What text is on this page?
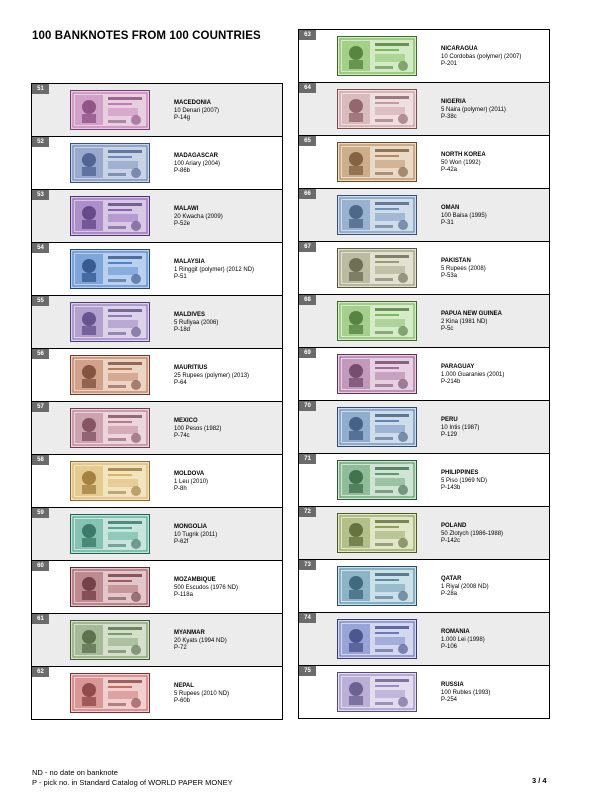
100 BANKNOTES FROM 100 COUNTRIES
51
MACEDONIA
10 Denari (2007)
P-14g
52
MADAGASCAR
100 Ariary (2004)
P-86b
53
MALAWI
20 Kwacha (2009)
P-52e
54
MALAYSIA
1 Ringgit (polymer) (2012 ND)
P-51
55
MALDIVES
5 Rufiyaa (2006)
P-18d
56
MAURITIUS
25 Rupees (polymer) (2013)
P-64
57
MEXICO
100 Pesos (1982)
P-74c
58
MOLDOVA
1 Leu (2010)
P-8h
59
MONGOLIA
10 Tugrik (2011)
P-62f
60
MOZAMBIQUE
500 Escudos (1976 ND)
P-118a
61
MYANMAR
20 Kyats (1994 ND)
P-72
62
NEPAL
5 Rupees (2010 ND)
P-60b
63
NICARAGUA
10 Cordobas (polymer) (2007)
P-201
64
NIGERIA
5 Naira (polymer) (2011)
P-38c
65
NORTH KOREA
50 Won (1992)
P-42a
66
OMAN
100 Baisa (1995)
P-31
67
PAKISTAN
5 Rupees (2008)
P-53a
68
PAPUA NEW GUINEA
2 Kina (1981 ND)
P-5c
69
PARAGUAY
1.000 Guaranies (2001)
P-214b
70
PERU
10 Intis (1987)
P-129
71
PHILIPPINES
5 Piso (1969 ND)
P-143b
72
POLAND
50 Zlotych (1986-1988)
P-142c
73
QATAR
1 Riyal (2008 ND)
P-28a
74
ROMANIA
1.000 Lei (1998)
P-106
75
RUSSIA
100 Rubles (1993)
P-254
ND - no date on banknote
P - pick no. in Standard Catalog of WORLD PAPER MONEY	3 / 4
